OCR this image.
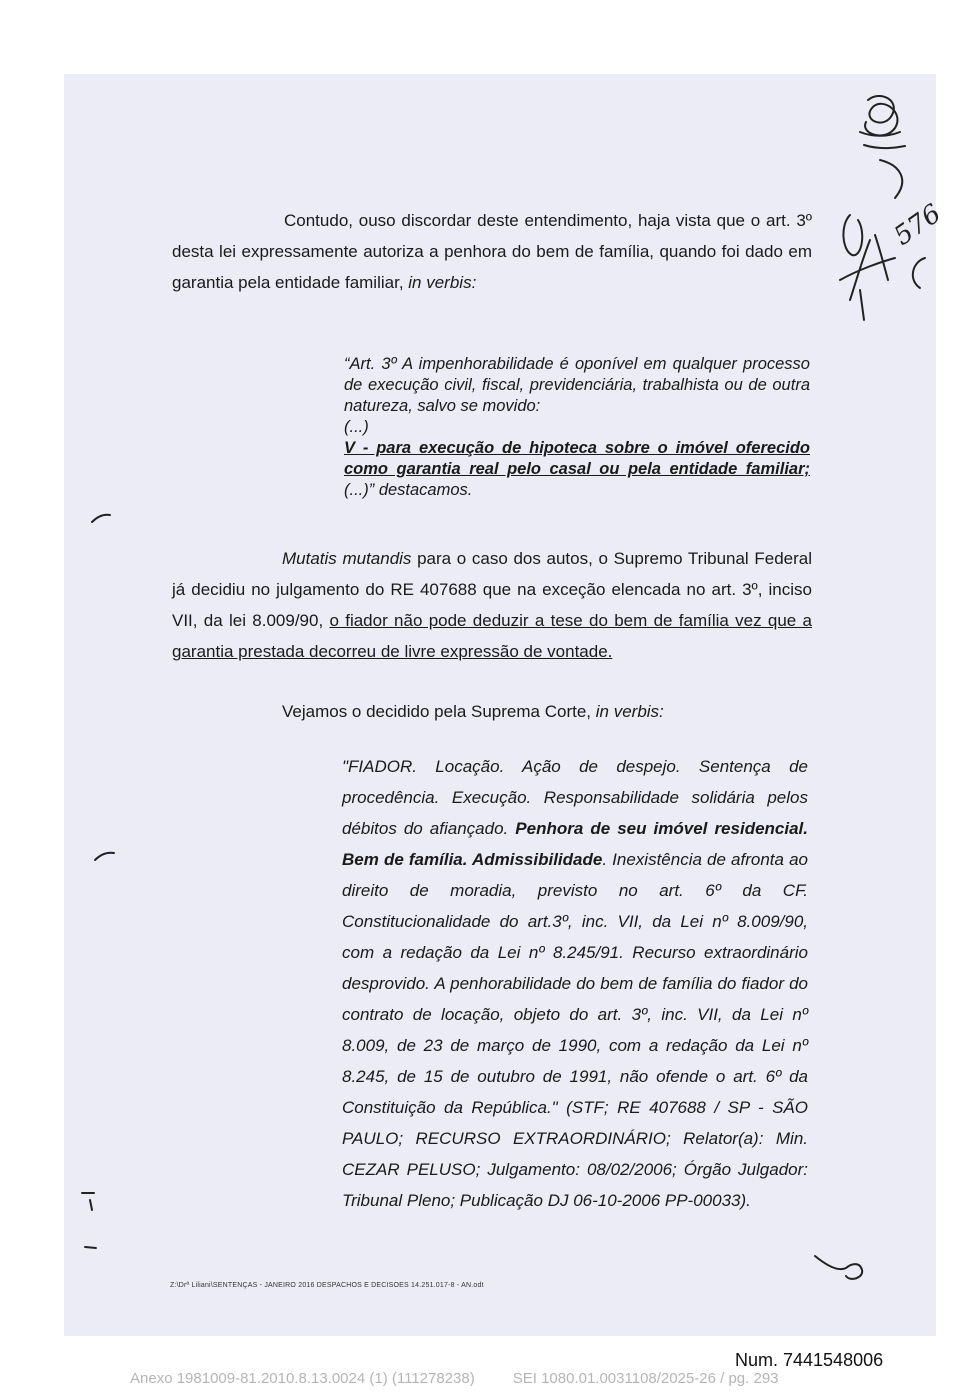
Contudo, ouso discordar deste entendimento, haja vista que o art. 3º desta lei expressamente autoriza a penhora do bem de família, quando foi dado em garantia pela entidade familiar, in verbis:

“Art. 3º A impenhorabilidade é oponível em qualquer processo de execução civil, fiscal, previdenciária, trabalhista ou de outra natureza, salvo se movido:
(...)
V - para execução de hipoteca sobre o imóvel oferecido como garantia real pelo casal ou pela entidade familiar; (...)” destacamos.

Mutatis mutandis para o caso dos autos, o Supremo Tribunal Federal já decidiu no julgamento do RE 407688 que na exceção elencada no art. 3º, inciso VII, da lei 8.009/90, o fiador não pode deduzir a tese do bem de família vez que a garantia prestada decorreu de livre expressão de vontade.

Vejamos o decidido pela Suprema Corte, in verbis:

"FIADOR. Locação. Ação de despejo. Sentença de procedência. Execução. Responsabilidade solidária pelos débitos do afiançado. Penhora de seu imóvel residencial. Bem de família. Admissibilidade. Inexistência de afronta ao direito de moradia, previsto no art. 6º da CF. Constitucionalidade do art.3º, inc. VII, da Lei nº 8.009/90, com a redação da Lei nº 8.245/91. Recurso extraordinário desprovido. A penhorabilidade do bem de família do fiador do contrato de locação, objeto do art. 3º, inc. VII, da Lei nº 8.009, de 23 de março de 1990, com a redação da Lei nº 8.245, de 15 de outubro de 1991, não ofende o art. 6º da Constituição da República." (STF; RE 407688 / SP - SÃO PAULO; RECURSO EXTRAORDINÁRIO; Relator(a): Min. CEZAR PELUSO; Julgamento: 08/02/2006; Órgão Julgador: Tribunal Pleno; Publicação DJ 06-10-2006 PP-00033).

Z:\Drª Liliani\SENTENÇAS - JANEIRO 2016 DESPACHOS E DECISOES 14.251.017-8 - AN.odt
576
Num. 7441548006
Anexo 1981009-81.2010.8.13.0024 (1) (111278238)	SEI 1080.01.0031108/2025-26 / pg. 293
